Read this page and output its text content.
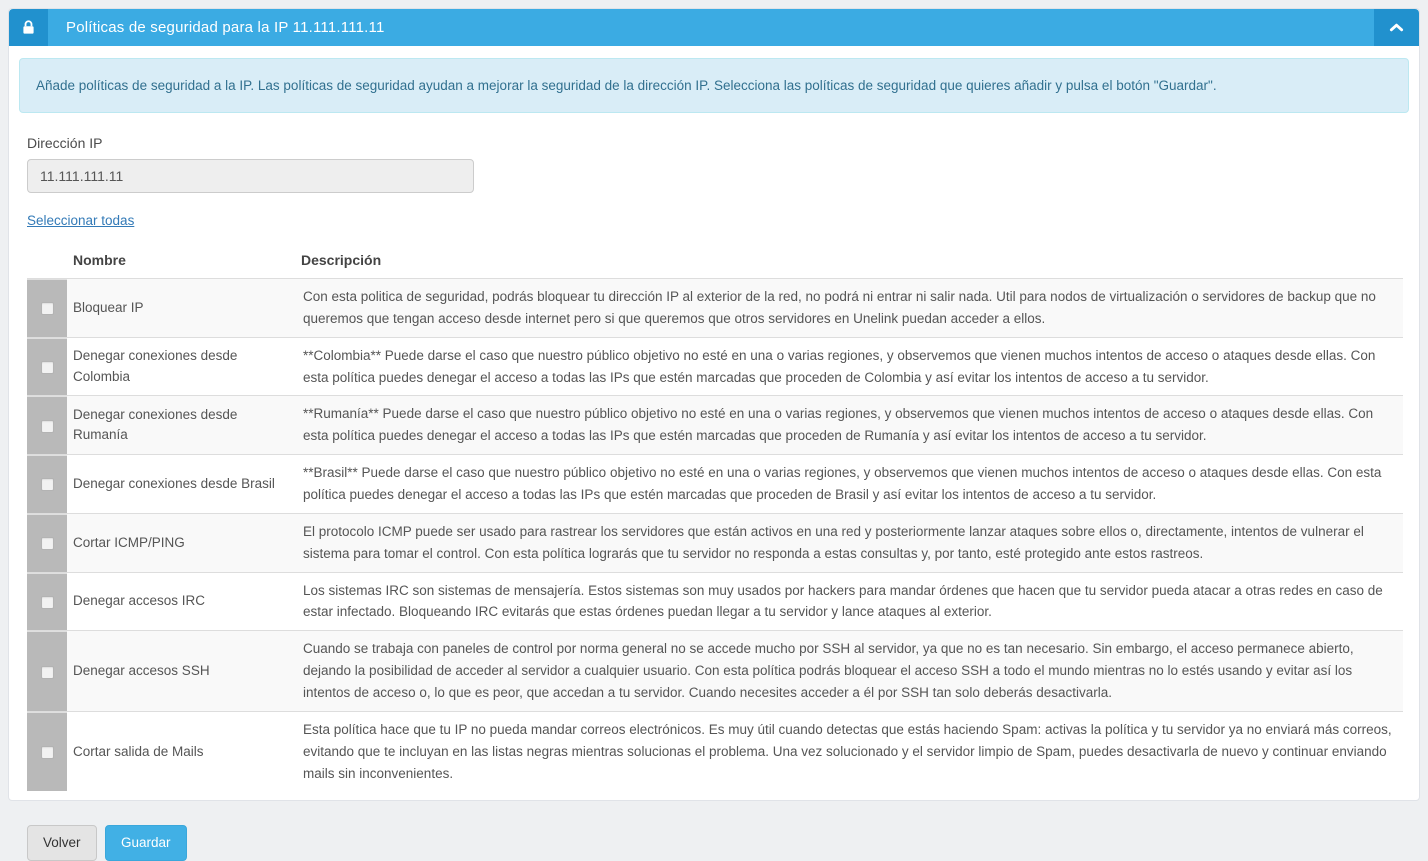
Políticas de seguridad para la IP 11.111.111.11
Añade políticas de seguridad a la IP. Las políticas de seguridad ayudan a mejorar la seguridad de la dirección IP. Selecciona las políticas de seguridad que quieres añadir y pulsa el botón "Guardar".
Dirección IP
11.111.111.11
Seleccionar todas
	Nombre	Descripción
	Bloquear IP	Con esta politica de seguridad, podrás bloquear tu dirección IP al exterior de la red, no podrá ni entrar ni salir nada. Util para nodos de virtualización o servidores de backup que no queremos que tengan acceso desde internet pero si que queremos que otros servidores en Unelink puedan acceder a ellos.
	Denegar conexiones desde Colombia	**Colombia** Puede darse el caso que nuestro público objetivo no esté en una o varias regiones, y observemos que vienen muchos intentos de acceso o ataques desde ellas. Con esta política puedes denegar el acceso a todas las IPs que estén marcadas que proceden de Colombia y así evitar los intentos de acceso a tu servidor.
	Denegar conexiones desde Rumanía	**Rumanía** Puede darse el caso que nuestro público objetivo no esté en una o varias regiones, y observemos que vienen muchos intentos de acceso o ataques desde ellas. Con esta política puedes denegar el acceso a todas las IPs que estén marcadas que proceden de Rumanía y así evitar los intentos de acceso a tu servidor.
	Denegar conexiones desde Brasil	**Brasil** Puede darse el caso que nuestro público objetivo no esté en una o varias regiones, y observemos que vienen muchos intentos de acceso o ataques desde ellas. Con esta política puedes denegar el acceso a todas las IPs que estén marcadas que proceden de Brasil y así evitar los intentos de acceso a tu servidor.
	Cortar ICMP/PING	El protocolo ICMP puede ser usado para rastrear los servidores que están activos en una red y posteriormente lanzar ataques sobre ellos o, directamente, intentos de vulnerar el sistema para tomar el control. Con esta política lograrás que tu servidor no responda a estas consultas y, por tanto, esté protegido ante estos rastreos.
	Denegar accesos IRC	Los sistemas IRC son sistemas de mensajería. Estos sistemas son muy usados por hackers para mandar órdenes que hacen que tu servidor pueda atacar a otras redes en caso de estar infectado. Bloqueando IRC evitarás que estas órdenes puedan llegar a tu servidor y lance ataques al exterior.
	Denegar accesos SSH	Cuando se trabaja con paneles de control por norma general no se accede mucho por SSH al servidor, ya que no es tan necesario. Sin embargo, el acceso permanece abierto, dejando la posibilidad de acceder al servidor a cualquier usuario. Con esta política podrás bloquear el acceso SSH a todo el mundo mientras no lo estés usando y evitar así los intentos de acceso o, lo que es peor, que accedan a tu servidor. Cuando necesites acceder a él por SSH tan solo deberás desactivarla.
	Cortar salida de Mails	Esta política hace que tu IP no pueda mandar correos electrónicos. Es muy útil cuando detectas que estás haciendo Spam: activas la política y tu servidor ya no enviará más correos, evitando que te incluyan en las listas negras mientras solucionas el problema. Una vez solucionado y el servidor limpio de Spam, puedes desactivarla de nuevo y continuar enviando mails sin inconvenientes.
Volver	Guardar
